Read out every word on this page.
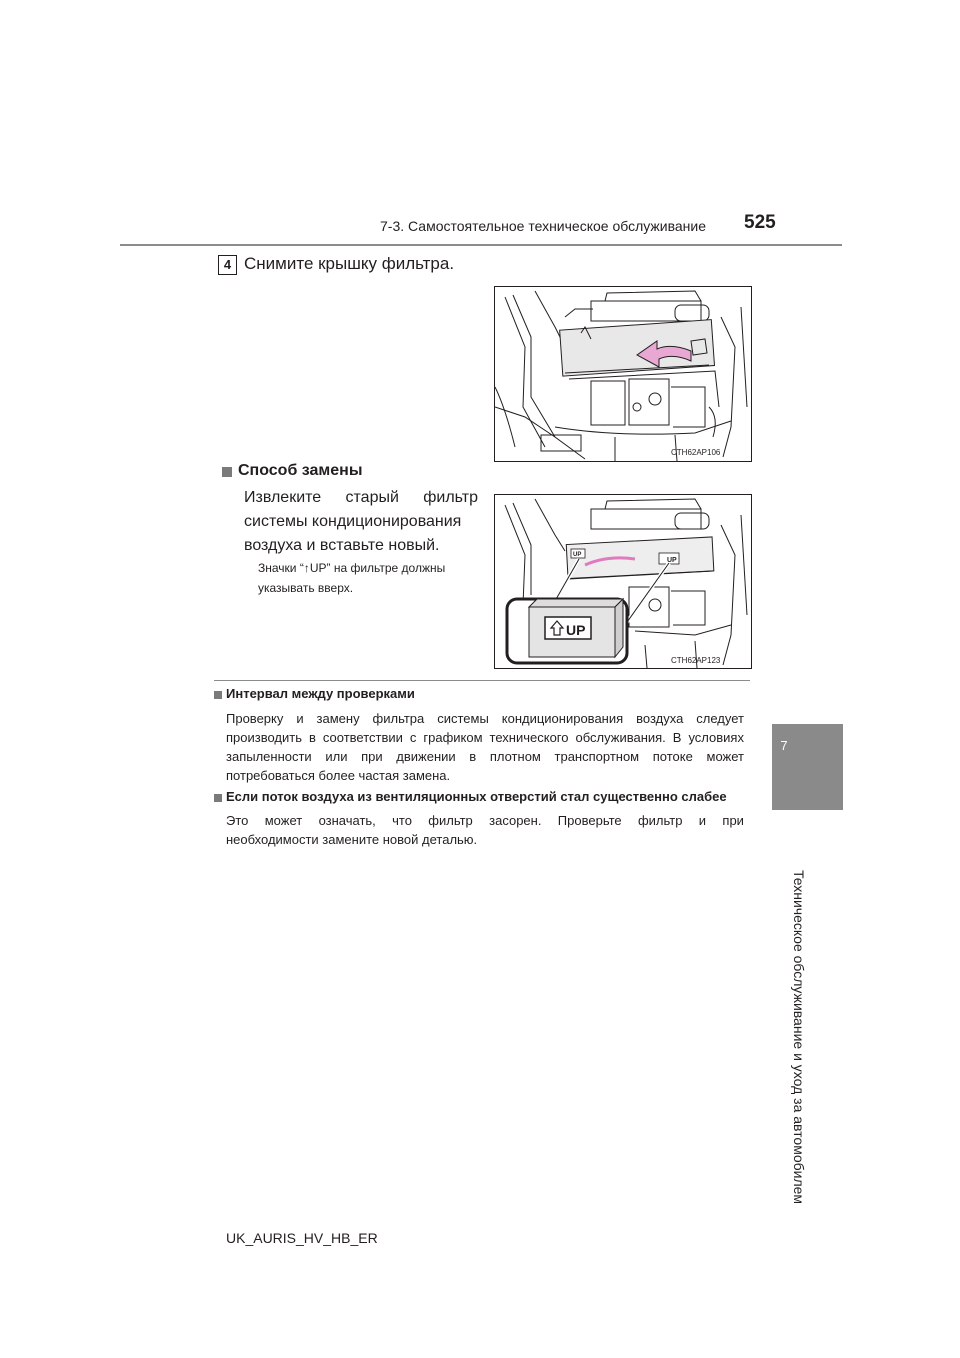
7-3. Самостоятельное техническое обслуживание 525
7
Техническое обслуживание и уход за автомобилем
4 Снимите крышку фильтра.
CTH62AP106
Способ замены
Извлеките старый фильтр
системы кондиционирования
воздуха и вставьте новый.
Значки “↑UP” на фильтре должны
указывать вверх.
UP
UP
UP
CTH62AP123
Интервал между проверками
Проверку и замену фильтра системы кондиционирования воздуха следует
производить в соответствии с графиком технического обслуживания. В условиях
запыленности или при движении в плотном транспортном потоке может
потребоваться более частая замена.
Если поток воздуха из вентиляционных отверстий стал существенно слабее
Это может означать, что фильтр засорен. Проверьте фильтр и при
необходимости замените новой деталью.
UK_AURIS_HV_HB_ER
